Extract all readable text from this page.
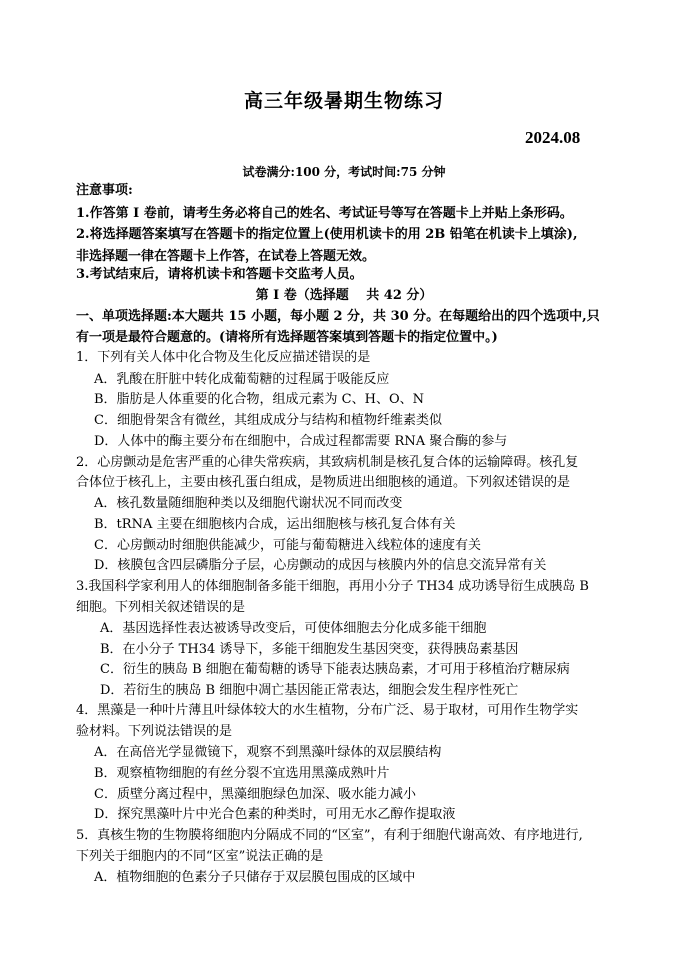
高三年级暑期生物练习
2024.08
试卷满分:100 分，考试时间:75 分钟
注意事项:
1.作答第 I 卷前，请考生务必将自己的姓名、考试证号等写在答题卡上并贴上条形码。
2.将选择题答案填写在答题卡的指定位置上(使用机读卡的用 2B 铅笔在机读卡上填涂),
非选择题一律在答题卡上作答，在试卷上答题无效。
3.考试结束后，请将机读卡和答题卡交监考人员。
第 I 卷（选择题　 共 42 分）
一、单项选择题:本大题共 15 小题，每小题 2 分，共 30 分。在每题给出的四个选项中,只
有一项是最符合题意的。(请将所有选择题答案填到答题卡的指定位置中。)
1．下列有关人体中化合物及生化反应描述错误的是
A．乳酸在肝脏中转化成葡萄糖的过程属于吸能反应
B．脂肪是人体重要的化合物，组成元素为 C、H、O、N
C．细胞骨架含有微丝，其组成成分与结构和植物纤维素类似
D．人体中的酶主要分布在细胞中，合成过程都需要 RNA 聚合酶的参与
2．心房颤动是危害严重的心律失常疾病，其致病机制是核孔复合体的运输障碍。核孔复
合体位于核孔上，主要由核孔蛋白组成，是物质进出细胞核的通道。下列叙述错误的是
A．核孔数量随细胞种类以及细胞代谢状况不同而改变
B．tRNA 主要在细胞核内合成，运出细胞核与核孔复合体有关
C．心房颤动时细胞供能减少，可能与葡萄糖进入线粒体的速度有关
D．核膜包含四层磷脂分子层，心房颤动的成因与核膜内外的信息交流异常有关
3.我国科学家利用人的体细胞制备多能干细胞，再用小分子 TH34 成功诱导衍生成胰岛 B
细胞。下列相关叙述错误的是
A．基因选择性表达被诱导改变后，可使体细胞去分化成多能干细胞
B．在小分子 TH34 诱导下，多能干细胞发生基因突变，获得胰岛素基因
C．衍生的胰岛 B 细胞在葡萄糖的诱导下能表达胰岛素，才可用于移植治疗糖尿病
D．若衍生的胰岛 B 细胞中凋亡基因能正常表达，细胞会发生程序性死亡
4．黑藻是一种叶片薄且叶绿体较大的水生植物，分布广泛、易于取材，可用作生物学实
验材料。下列说法错误的是
A．在高倍光学显微镜下，观察不到黑藻叶绿体的双层膜结构
B．观察植物细胞的有丝分裂不宜选用黑藻成熟叶片
C．质壁分离过程中，黑藻细胞绿色加深、吸水能力减小
D．探究黑藻叶片中光合色素的种类时，可用无水乙醇作提取液
5．真核生物的生物膜将细胞内分隔成不同的“区室”，有利于细胞代谢高效、有序地进行,
下列关于细胞内的不同“区室”说法正确的是
A．植物细胞的色素分子只储存于双层膜包围成的区域中
